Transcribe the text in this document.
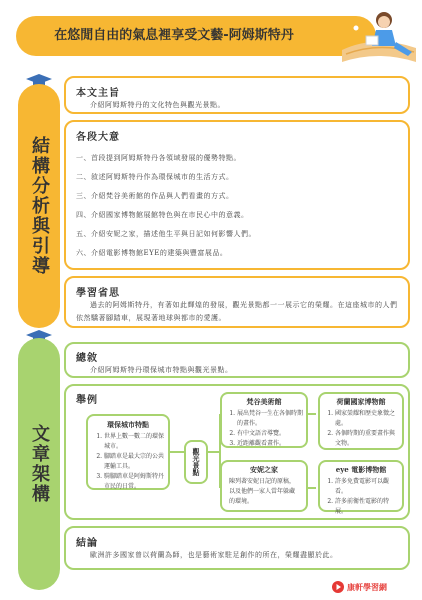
在悠閒自由的氣息裡享受文藝-阿姆斯特丹
結構分析與引導
文章架構
本文主旨

介紹阿姆斯特丹的文化特色與觀光景點。

各段大意
一、首段提到阿姆斯特丹各領域發展的優勢特點。
二、敘述阿姆斯特丹作為環保城市的生活方式。
三、介紹梵谷美術館的作品與人們看畫的方式。
四、介紹國家博物館展館特色與在市民心中的意義。
五、介紹安妮之家，描述他生平與日記如何影響人們。
六、介紹電影博物館EYE的建築與豐富展品。
學習省思

過去的阿姆斯特丹，有著如此輝煌的發展，觀光景點都一一展示它的榮耀。在這座城市的人們依然驕著腳踏車，展現著地球與都市的愛護。

總敘

介紹阿姆斯特丹環保城市特點與觀光景點。

舉例
環保城市特點
1. 世界上數一數二的環保城市。
2. 腳踏車是最大宗的公共運輸工具。
3. 騎腳踏車是阿姆斯特丹市民的日常。
觀光景點
梵谷美術館
1. 展出梵谷一生在各個時期的畫作。
2. 有中文語音導覽。
3. 近距離觀看畫作。
安妮之家
陳列著安妮日記的原稿，以及他們一家人當年躲藏的環境。
荷蘭國家博物館
1. 國家榮耀和歷史象徵之處。
2. 各個時期的重要畫作與文物。
eye 電影博物館
1. 許多免費電影可以觀看。
2. 許多前衛性電影的特展。
結論

歐洲許多國家曾以荷蘭為師，也是藝術家駐足創作的所在，榮耀盡顯於此。

康軒學習網
